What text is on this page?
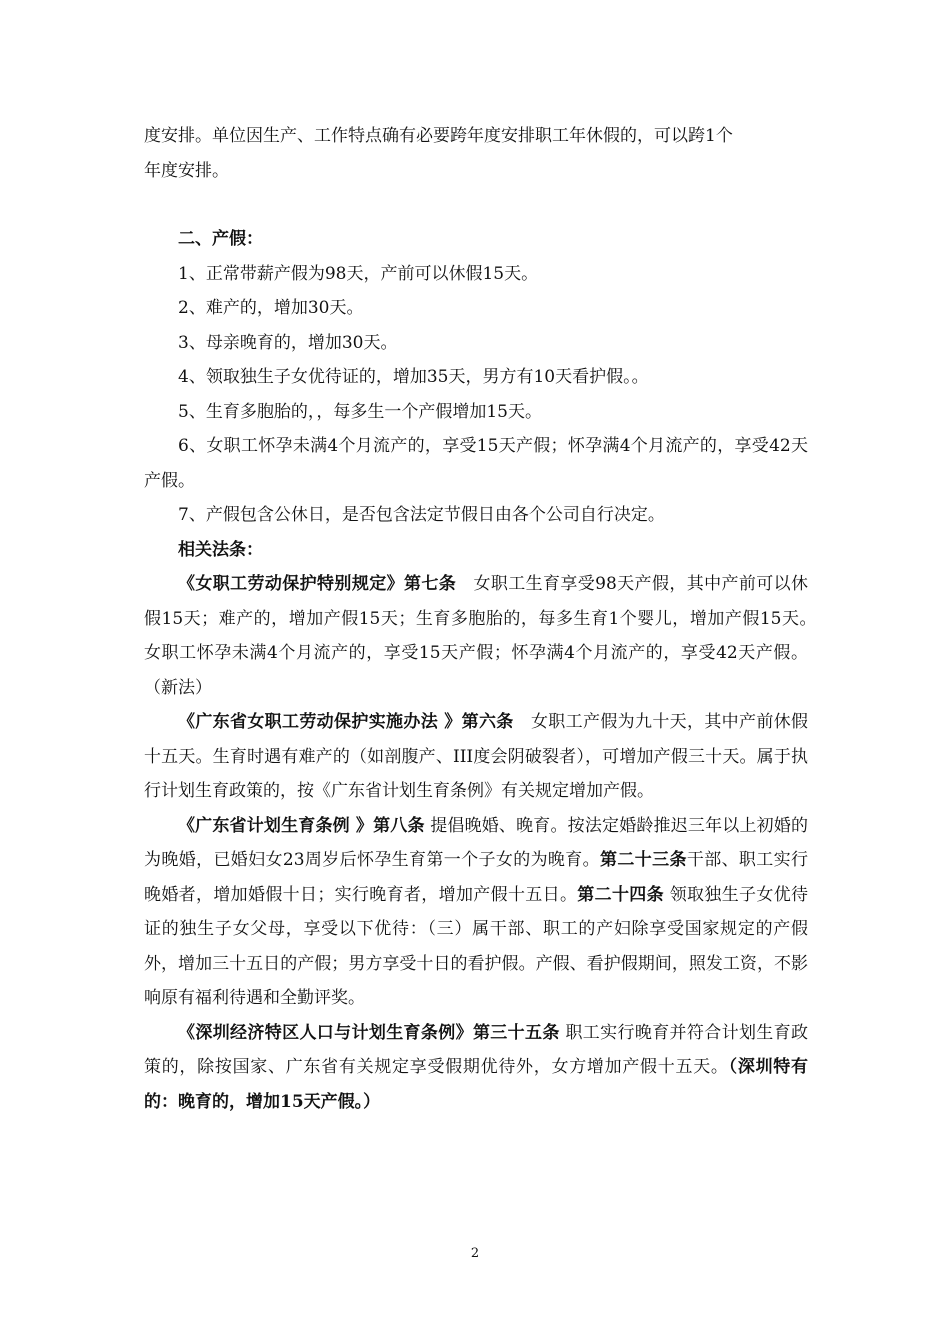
度安排。单位因生产、工作特点确有必要跨年度安排职工年休假的，可以跨1个

年度安排。

二、产假：

1、正常带薪产假为98天，产前可以休假15天。

2、难产的，增加30天。

3、母亲晚育的，增加30天。

4、领取独生子女优待证的，增加35天，男方有10天看护假。。

5、生育多胞胎的，，每多生一个产假增加15天。

6、女职工怀孕未满4个月流产的，享受15天产假；怀孕满4个月流产的，享受42天产假。

7、产假包含公休日，是否包含法定节假日由各个公司自行决定。

相关法条：

《女职工劳动保护特别规定》第七条　女职工生育享受98天产假，其中产前可以休假15天；难产的，增加产假15天；生育多胞胎的，每多生育1个婴儿，增加产假15天。　　女职工怀孕未满4个月流产的，享受15天产假；怀孕满4个月流产的，享受42天产假。（新法）

《广东省女职工劳动保护实施办法 》第六条　女职工产假为九十天，其中产前休假十五天。生育时遇有难产的（如剖腹产、III度会阴破裂者），可增加产假三十天。属于执行计划生育政策的，按《广东省计划生育条例》有关规定增加产假。

《广东省计划生育条例 》第八条 提倡晚婚、晚育。按法定婚龄推迟三年以上初婚的为晚婚，已婚妇女23周岁后怀孕生育第一个子女的为晚育。第二十三条干部、职工实行晚婚者，增加婚假十日；实行晚育者，增加产假十五日。第二十四条 领取独生子女优待证的独生子女父母，享受以下优待：（三）属干部、职工的产妇除享受国家规定的产假外，增加三十五日的产假；男方享受十日的看护假。产假、看护假期间，照发工资，不影响原有福利待遇和全勤评奖。

《深圳经济特区人口与计划生育条例》第三十五条 职工实行晚育并符合计划生育政策的，除按国家、广东省有关规定享受假期优待外，女方增加产假十五天。（深圳特有的：晚育的，增加15天产假。）

2
